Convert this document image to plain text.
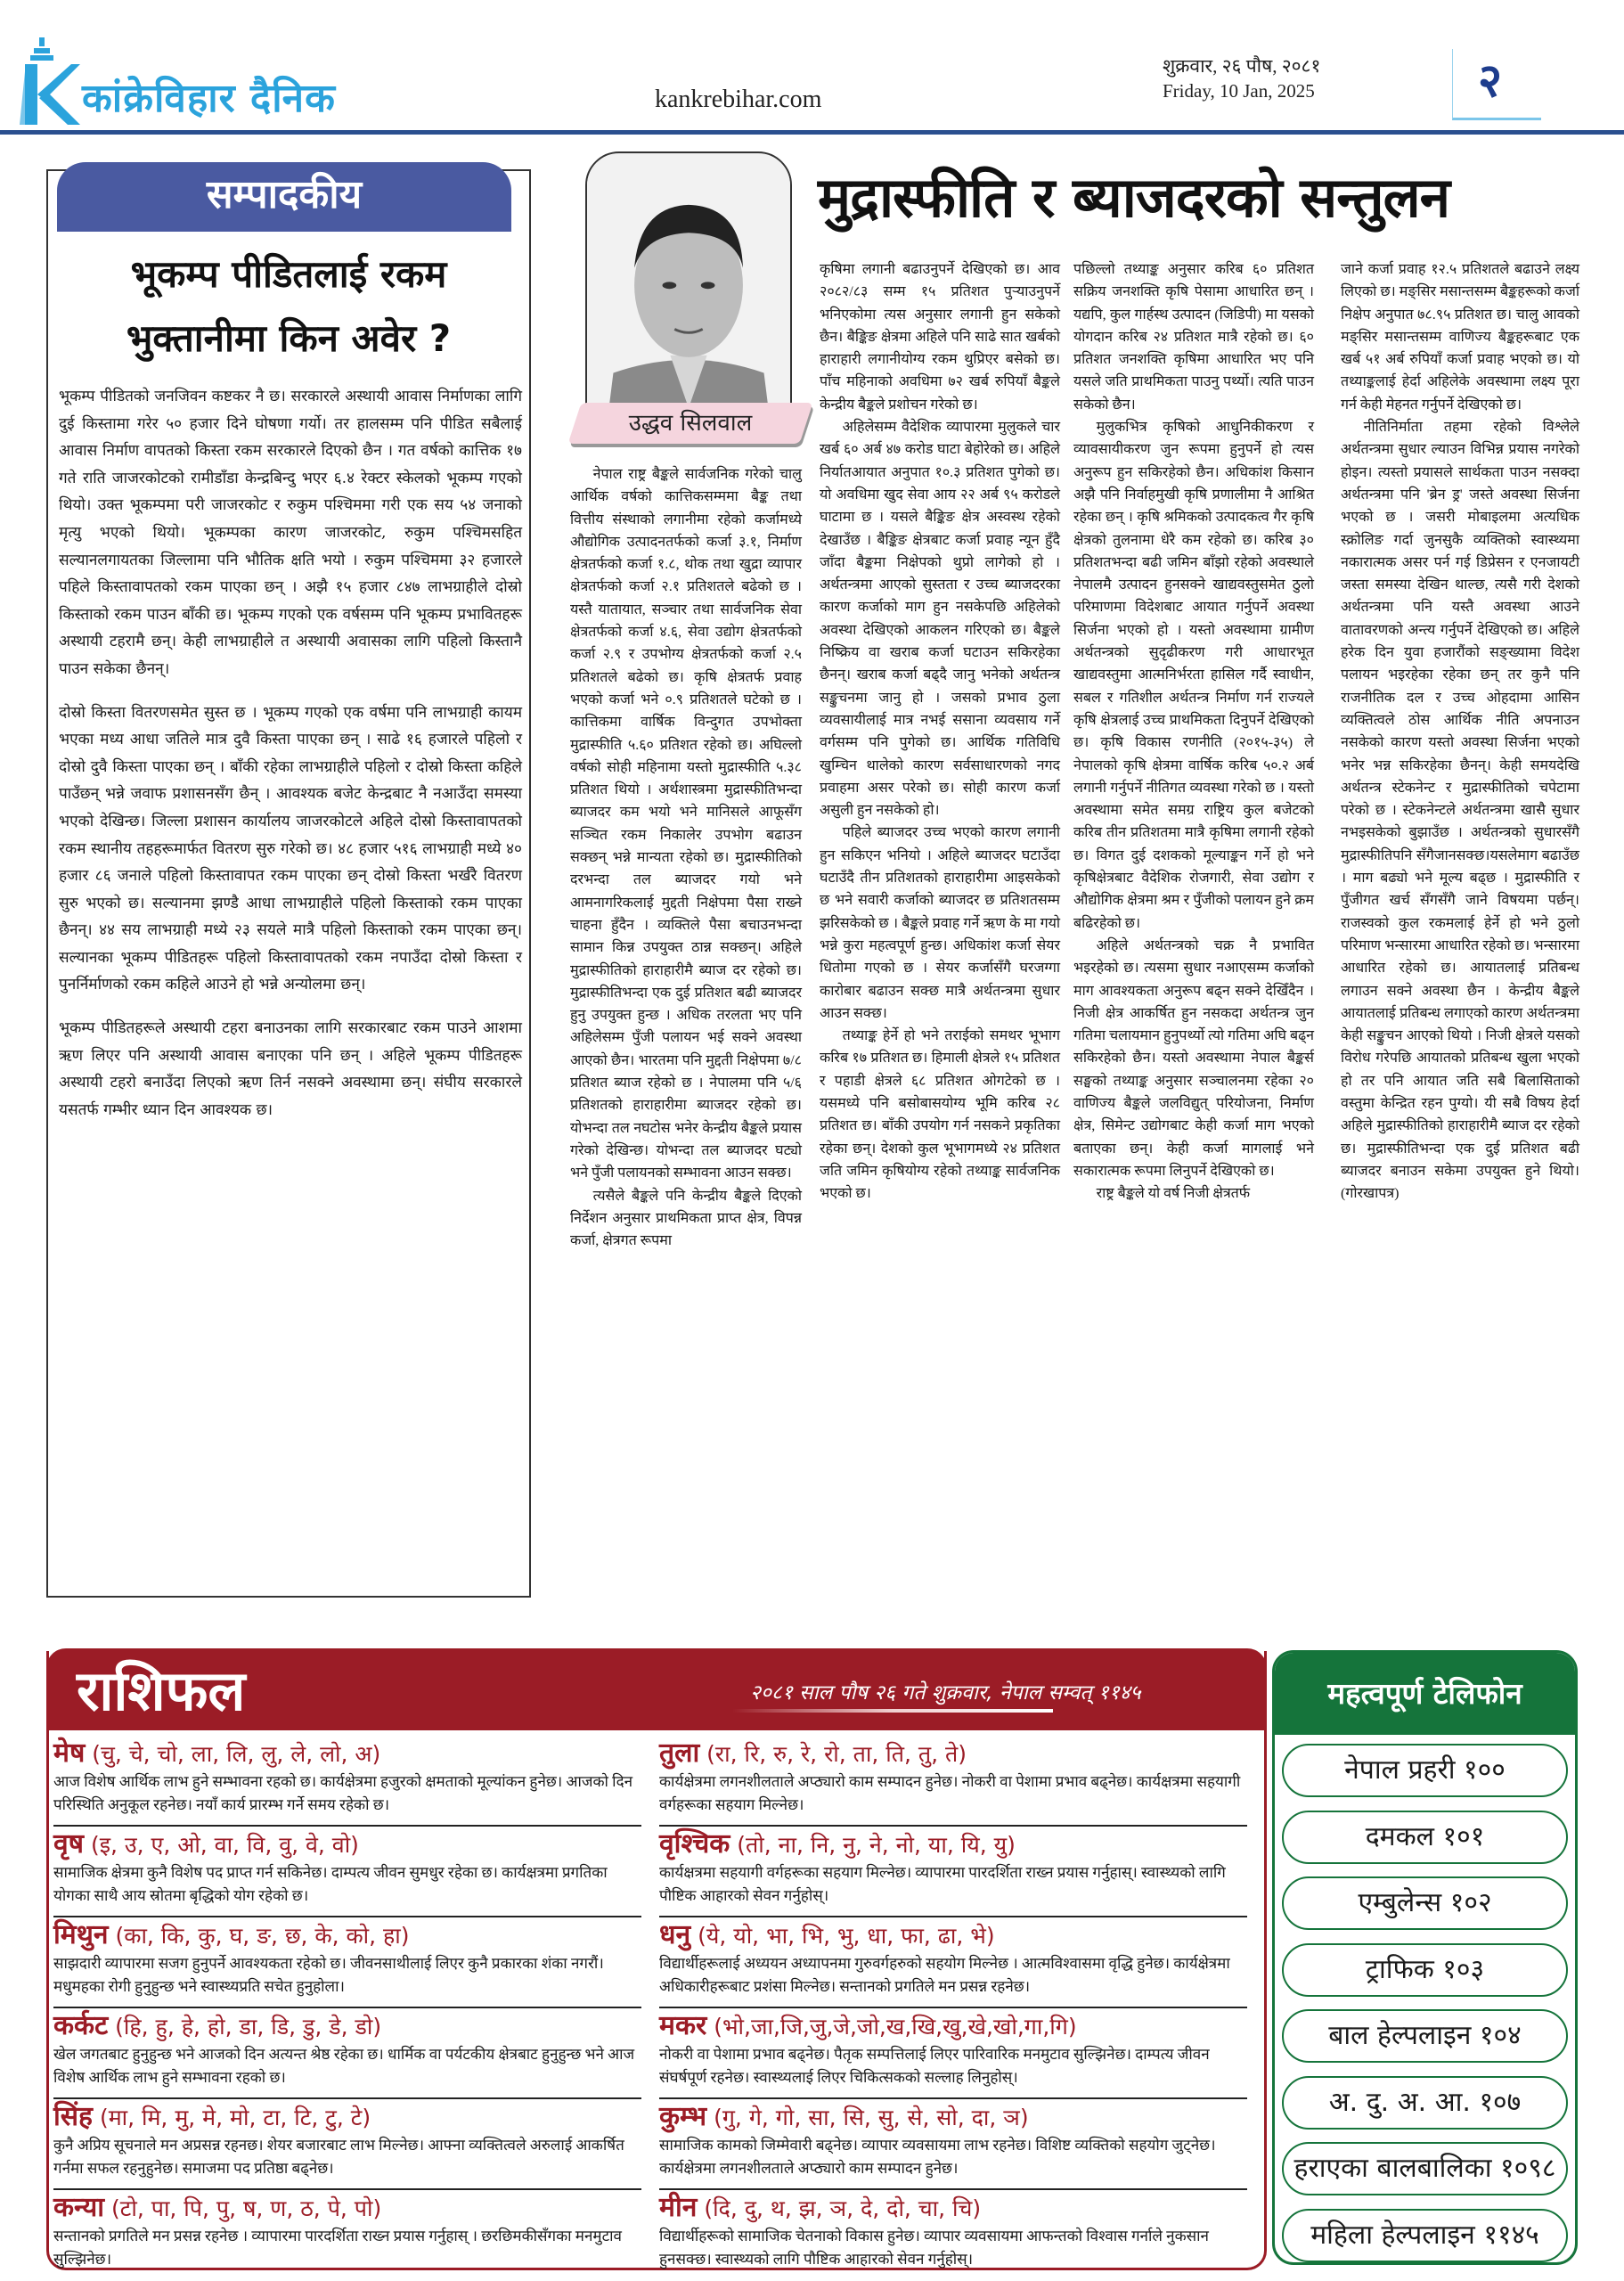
कांक्रेविहार दैनिक	kankrebihar.com
शुक्रवार, २६ पौष, २०८१
Friday, 10 Jan, 2025	२
सम्पादकीय
भूकम्प पीडितलाई रकम भुक्तानीमा किन अवेर ?

भूकम्प पीडितको जनजिवन कष्टकर नै छ। सरकारले अस्थायी आवास निर्माणका लागि दुई किस्तामा गरेर ५० हजार दिने घोषणा गर्यो। तर हालसम्म पनि पीडित सबैलाई आवास निर्माण वापतको किस्ता रकम सरकारले दिएको छैन । गत वर्षको कात्तिक १७ गते राति जाजरकोटको रामीडाँडा केन्द्रबिन्दु भएर ६.४ रेक्टर स्केलको भूकम्प गएको थियो। उक्त भूकम्पमा परी जाजरकोट र रुकुम पश्चिममा गरी एक सय ५४ जनाको मृत्यु भएको थियो। भूकम्पका कारण जाजरकोट, रुकुम पश्चिमसहित सल्यानलगायतका जिल्लामा पनि भौतिक क्षति भयो । रुकुम पश्चिममा ३२ हजारले पहिले किस्तावापतको रकम पाएका छन् । अझै १५ हजार ८४७ लाभग्राहीले दोस्रो किस्ताको रकम पाउन बाँकी छ। भूकम्प गएको एक वर्षसम्म पनि भूकम्प प्रभावितहरू अस्थायी टहरामै छन्। केही लाभग्राहीले त अस्थायी अवासका लागि पहिलो किस्तानै पाउन सकेका छैनन्।

दोस्रो किस्ता वितरणसमेत सुस्त छ । भूकम्प गएको एक वर्षमा पनि लाभग्राही कायम भएका मध्य आधा जतिले मात्र दुवै किस्ता पाएका छन् । साढे १६ हजारले पहिलो र दोस्रो दुवै किस्ता पाएका छन् । बाँकी रहेका लाभग्राहीले पहिलो र दोस्रो किस्ता कहिले पाउँछन् भन्ने जवाफ प्रशासनसँग छैन् । आवश्यक बजेट केन्द्रबाट नै नआउँदा समस्या भएको देखिन्छ। जिल्ला प्रशासन कार्यालय जाजरकोटले अहिले दोस्रो किस्तावापतको रकम स्थानीय तहहरूमार्फत वितरण सुरु गरेको छ। ४८ हजार ५१६ लाभग्राही मध्ये ४० हजार ८६ जनाले पहिलो किस्तावापत रकम पाएका छन् दोस्रो किस्ता भर्खरै वितरण सुरु भएको छ। सल्यानमा झण्डै आधा लाभग्राहीले पहिलो किस्ताको रकम पाएका छैनन्। ४४ सय लाभग्राही मध्ये २३ सयले मात्रै पहिलो किस्ताको रकम पाएका छन्। सल्यानका भूकम्प पीडितहरू पहिलो किस्तावापतको रकम नपाउँदा दोस्रो किस्ता र पुनर्निर्माणको रकम कहिले आउने हो भन्ने अन्योलमा छन्।

भूकम्प पीडितहरूले अस्थायी टहरा बनाउनका लागि सरकारबाट रकम पाउने आशमा ऋण लिएर पनि अस्थायी आवास बनाएका पनि छन् । अहिले भूकम्प पीडितहरू अस्थायी टहरो बनाउँदा लिएको ऋण तिर्न नसक्ने अवस्थामा छन्। संघीय सरकारले यसतर्फ गम्भीर ध्यान दिन आवश्यक छ।

उद्धव सिलवाल
मुद्रास्फीति र ब्याजदरको सन्तुलन

नेपाल राष्ट्र बैङ्कले सार्वजनिक गरेको चालु आर्थिक वर्षको कात्तिकसम्ममा बैङ्क तथा वित्तीय संस्थाको लगानीमा रहेको कर्जामध्ये औद्योगिक उत्पादनतर्फको कर्जा ३.१, निर्माण क्षेत्रतर्फको कर्जा १.८, थोक तथा खुद्रा व्यापार क्षेत्रतर्फको कर्जा २.१ प्रतिशतले बढेको छ । यस्तै यातायात, सञ्चार तथा सार्वजनिक सेवा क्षेत्रतर्फको कर्जा ४.६, सेवा उद्योग क्षेत्रतर्फको कर्जा २.९ र उपभोग्य क्षेत्रतर्फको कर्जा २.५ प्रतिशतले बढेको छ। कृषि क्षेत्रतर्फ प्रवाह भएको कर्जा भने ०.९ प्रतिशतले घटेको छ । कात्तिकमा वार्षिक विन्दुगत उपभोक्ता मुद्रास्फीति ५.६० प्रतिशत रहेको छ। अघिल्लो वर्षको सोही महिनामा यस्तो मुद्रास्फीति ५.३८ प्रतिशत थियो । अर्थशास्त्रमा मुद्रास्फीतिभन्दा ब्याजदर कम भयो भने मानिसले आफूसँग सञ्चित रकम निकालेर उपभोग बढाउन सक्छन् भन्ने मान्यता रहेको छ। मुद्रास्फीतिको दरभन्दा तल ब्याजदर गयो भने आमनागरिकलाई मुद्दती निक्षेपमा पैसा राख्ने चाहना हुँदैन । व्यक्तिले पैसा बचाउनभन्दा सामान किन्न उपयुक्त ठान्न सक्छन्। अहिले मुद्रास्फीतिको हाराहारीमै ब्याज दर रहेको छ। मुद्रास्फीतिभन्दा एक दुई प्रतिशत बढी ब्याजदर हुनु उपयुक्त हुन्छ । अधिक तरलता भए पनि अहिलेसम्म पुँजी पलायन भई सक्ने अवस्था आएको छैन। भारतमा पनि मुद्दती निक्षेपमा ७/८ प्रतिशत ब्याज रहेको छ । नेपालमा पनि ५/६ प्रतिशतको हाराहारीमा ब्याजदर रहेको छ। योभन्दा तल नघटोस भनेर केन्द्रीय बैङ्कले प्रयास गरेको देखिन्छ। योभन्दा तल ब्याजदर घट्यो भने पुँजी पलायनको सम्भावना आउन सक्छ।

त्यसैले बैङ्कले पनि केन्द्रीय बैङ्कले दिएको निर्देशन अनुसार प्राथमिकता प्राप्त क्षेत्र, विपन्न कर्जा, क्षेत्रगत रूपमा

कृषिमा लगानी बढाउनुपर्ने देखिएको छ। आव २०८२/८३ सम्म १५ प्रतिशत पुऱ्याउनुपर्ने भनिएकोमा त्यस अनुसार लगानी हुन सकेको छैन। बैङ्किङ क्षेत्रमा अहिले पनि साढे सात खर्बको हाराहारी लगानीयोग्य रकम थुप्रिएर बसेको छ। पाँच महिनाको अवधिमा ७२ खर्ब रुपियाँ बैङ्कले केन्द्रीय बैङ्कले प्रशोचन गरेको छ।

अहिलेसम्म वैदेशिक व्यापारमा मुलुकले चार खर्ब ६० अर्ब ४७ करोड घाटा बेहोरेको छ। अहिले निर्यातआयात अनुपात १०.३ प्रतिशत पुगेको छ। यो अवधिमा खुद सेवा आय २२ अर्ब ९५ करोडले घाटामा छ । यसले बैङ्किङ क्षेत्र अस्वस्थ रहेको देखाउँछ । बैङ्किङ क्षेत्रबाट कर्जा प्रवाह न्यून हुँदै जाँदा बैङ्कमा निक्षेपको थुप्रो लागेको हो । अर्थतन्त्रमा आएको सुस्तता र उच्च ब्याजदरका कारण कर्जाको माग हुन नसकेपछि अहिलेको अवस्था देखिएको आकलन गरिएको छ। बैङ्कले निष्क्रिय वा खराब कर्जा घटाउन सकिरहेका छैनन्। खराब कर्जा बढ्दै जानु भनेको अर्थतन्त्र सङ्कुचनमा जानु हो । जसको प्रभाव ठुला व्यवसायीलाई मात्र नभई ससाना व्यवसाय गर्ने वर्गसम्म पनि पुगेको छ। आर्थिक गतिविधि खुम्चिन थालेको कारण सर्वसाधारणको नगद प्रवाहमा असर परेको छ। सोही कारण कर्जा असुली हुन नसकेको हो।

पहिले ब्याजदर उच्च भएको कारण लगानी हुन सकिएन भनियो । अहिले ब्याजदर घटाउँदा घटाउँदै तीन प्रतिशतको हाराहारीमा आइसकेको छ भने सवारी कर्जाको ब्याजदर छ प्रतिशतसम्म झरिसकेको छ । बैङ्कले प्रवाह गर्ने ऋण के मा गयो भन्ने कुरा महत्वपूर्ण हुन्छ। अधिकांश कर्जा सेयर धितोमा गएको छ । सेयर कर्जासँगै घरजग्गा कारोबार बढाउन सक्छ मात्रै अर्थतन्त्रमा सुधार आउन सक्छ।

तथ्याङ्क हेर्ने हो भने तराईको समथर भूभाग करिब १७ प्रतिशत छ। हिमाली क्षेत्रले १५ प्रतिशत र पहाडी क्षेत्रले ६८ प्रतिशत ओगटेको छ । यसमध्ये पनि बसोबासयोग्य भूमि करिब २८ प्रतिशत छ। बाँकी उपयोग गर्न नसकने प्रकृतिका रहेका छन्। देशको कुल भूभागमध्ये २४ प्रतिशत जति जमिन कृषियोग्य रहेको तथ्याङ्क सार्वजनिक भएको छ।

पछिल्लो तथ्याङ्क अनुसार करिब ६० प्रतिशत सक्रिय जनशक्ति कृषि पेसामा आधारित छन् । यद्यपि, कुल गार्हस्थ उत्पादन (जिडिपी) मा यसको योगदान करिब २४ प्रतिशत मात्रै रहेको छ। ६० प्रतिशत जनशक्ति कृषिमा आधारित भए पनि यसले जति प्राथमिकता पाउनु पर्थ्यो। त्यति पाउन सकेको छैन।

मुलुकभित्र कृषिको आधुनिकीकरण र व्यावसायीकरण जुन रूपमा हुनुपर्ने हो त्यस अनुरूप हुन सकिरहेको छैन। अधिकांश किसान अझै पनि निर्वाहमुखी कृषि प्रणालीमा नै आश्रित रहेका छन् । कृषि श्रमिकको उत्पादकत्व गैर कृषि क्षेत्रको तुलनामा धेरै कम रहेको छ। करिब ३० प्रतिशतभन्दा बढी जमिन बाँझो रहेको अवस्थाले नेपालमै उत्पादन हुनसक्ने खाद्यवस्तुसमेत ठुलो परिमाणमा विदेशबाट आयात गर्नुपर्ने अवस्था सिर्जना भएको हो । यस्तो अवस्थामा ग्रामीण अर्थतन्त्रको सुदृढीकरण गरी आधारभूत खाद्यवस्तुमा आत्मनिर्भरता हासिल गर्दै स्वाधीन, सबल र गतिशील अर्थतन्त्र निर्माण गर्न राज्यले कृषि क्षेत्रलाई उच्च प्राथमिकता दिनुपर्ने देखिएको छ। कृषि विकास रणनीति (२०१५-३५) ले नेपालको कृषि क्षेत्रमा वार्षिक करिब ५०.२ अर्ब लगानी गर्नुपर्ने नीतिगत व्यवस्था गरेको छ । यस्तो अवस्थामा समेत समग्र राष्ट्रिय कुल बजेटको करिब तीन प्रतिशतमा मात्रै कृषिमा लगानी रहेको छ। विगत दुई दशकको मूल्याङ्कन गर्ने हो भने कृषिक्षेत्रबाट वैदेशिक रोजगारी, सेवा उद्योग र औद्योगिक क्षेत्रमा श्रम र पुँजीको पलायन हुने क्रम बढिरहेको छ।

अहिले अर्थतन्त्रको चक्र नै प्रभावित भइरहेको छ। त्यसमा सुधार नआएसम्म कर्जाको माग आवश्यकता अनुरूप बढ्न सक्ने देखिँदैन । निजी क्षेत्र आकर्षित हुन नसकदा अर्थतन्त्र जुन गतिमा चलायमान हुनुपर्थ्यो त्यो गतिमा अघि बढ्न सकिरहेको छैन। यस्तो अवस्थामा नेपाल बैङ्कर्स सङ्घको तथ्याङ्क अनुसार सञ्चालनमा रहेका २० वाणिज्य बैङ्कले जलविद्युत् परियोजना, निर्माण क्षेत्र, सिमेन्ट उद्योगबाट केही कर्जा माग भएको बताएका छन्। केही कर्जा मागलाई भने सकारात्मक रूपमा लिनुपर्ने देखिएको छ।

राष्ट्र बैङ्कले यो वर्ष निजी क्षेत्रतर्फ

जाने कर्जा प्रवाह १२.५ प्रतिशतले बढाउने लक्ष्य लिएको छ। मङ्सिर मसान्तसम्म बैङ्कहरूको कर्जा निक्षेप अनुपात ७८.९५ प्रतिशत छ। चालु आवको मङ्सिर मसान्तसम्म वाणिज्य बैङ्कहरूबाट एक खर्ब ५१ अर्ब रुपियाँ कर्जा प्रवाह भएको छ। यो तथ्याङ्कलाई हेर्दा अहिलेके अवस्थामा लक्ष्य पूरा गर्न केही मेहनत गर्नुपर्ने देखिएको छ।

नीतिनिर्माता तहमा रहेको विश्लेले अर्थतन्त्रमा सुधार ल्याउन विभिन्न प्रयास नगरेको होइन। त्यस्तो प्रयासले सार्थकता पाउन नसक्दा अर्थतन्त्रमा पनि 'ब्रेन ड्र' जस्ते अवस्था सिर्जना भएको छ । जसरी मोबाइलमा अत्यधिक स्क्रोलिङ गर्दा जुनसुकै व्यक्तिको स्वास्थ्यमा नकारात्मक असर पर्न गई डिप्रेसन र एनजायटी जस्ता समस्या देखिन थाल्छ, त्यसै गरी देशको अर्थतन्त्रमा पनि यस्तै अवस्था आउने वातावरणको अन्त्य गर्नुपर्ने देखिएको छ। अहिले हरेक दिन युवा हजारौंको सङ्ख्यामा विदेश पलायन भइरहेका रहेका छन् तर कुनै पनि राजनीतिक दल र उच्च ओहदामा आसिन व्यक्तित्वले ठोस आर्थिक नीति अपनाउन नसकेको कारण यस्तो अवस्था सिर्जना भएको भनेर भन्न सकिरहेका छैनन्। केही समयदेखि अर्थतन्त्र स्टेकनेन्ट र मुद्रास्फीतिको चपेटामा परेको छ । स्टेकनेन्टले अर्थतन्त्रमा खासै सुधार नभइसकेको बुझाउँछ । अर्थतन्त्रको सुधारसँगै मुद्रास्फीतिपनि सँगैजानसक्छ।यसलेमाग बढाउँछ । माग बढ्यो भने मूल्य बढ्छ । मुद्रास्फीति र पुँजीगत खर्च सँगसँगै जाने विषयमा पर्छन्। राजस्वको कुल रकमलाई हेर्ने हो भने ठुलो परिमाण भन्सारमा आधारित रहेको छ। भन्सारमा आधारित रहेको छ। आयातलाई प्रतिबन्ध लगाउन सक्ने अवस्था छैन । केन्द्रीय बैङ्कले आयातलाई प्रतिबन्ध लगाएको कारण अर्थतन्त्रमा केही सङ्कुचन आएको थियो । निजी क्षेत्रले यसको विरोध गरेपछि आयातको प्रतिबन्ध खुला भएको हो तर पनि आयात जति सबै बिलासिताको वस्तुमा केन्द्रित रहन पुग्यो। यी सबै विषय हेर्दा अहिले मुद्रास्फीतिको हाराहारीमै ब्याज दर रहेको छ। मुद्रास्फीतिभन्दा एक दुई प्रतिशत बढी ब्याजदर बनाउन सकेमा उपयुक्त हुने थियो। (गोरखापत्र)

राशिफल	२०८१ साल पौष २६ गते शुक्रवार, नेपाल सम्वत् ११४५
मेष (चु, चे, चो, ला, लि, लु, ले, लो, अ)
आज विशेष आर्थिक लाभ हुने सम्भावना रहको छ। कार्यक्षेत्रमा हजुरको क्षमताको मूल्यांकन हुनेछ। आजको दिन परिस्थिति अनुकूल रहनेछ। नयाँ कार्य प्रारम्भ गर्ने समय रहेको छ।
वृष (इ, उ, ए, ओ, वा, वि, वु, वे, वो)
सामाजिक क्षेत्रमा कुनै विशेष पद प्राप्त गर्न सकिनेछ। दाम्पत्य जीवन सुमधुर रहेका छ। कार्यक्षत्रमा प्रगतिका योगका साथै आय स्रोतमा बृद्धिको योग रहेको छ।
मिथुन (का, कि, कु, घ, ङ, छ, के, को, हा)
साझदारी व्यापारमा सजग हुनुपर्ने आवश्यकता रहेको छ। जीवनसाथीलाई लिएर कुनै प्रकारका शंका नगरौं। मधुमहका रोगी हुनुहुन्छ भने स्वास्थ्यप्रति सचेत हुनुहोला।
कर्कट (हि, हु, हे, हो, डा, डि, डु, डे, डो)
खेल जगतबाट हुनुहुन्छ भने आजको दिन अत्यन्त श्रेष्ठ रहेका छ। धार्मिक वा पर्यटकीय क्षेत्रबाट हुनुहुन्छ भने आज विशेष आर्थिक लाभ हुने सम्भावना रहको छ।
सिंह (मा, मि, मु, मे, मो, टा, टि, टु, टे)
कुनै अप्रिय सूचनाले मन अप्रसन्न रहनछ। शेयर बजारबाट लाभ मिल्नेछ। आफ्ना व्यक्तित्वले अरुलाई आकर्षित गर्नमा सफल रहनुहुनेछ। समाजमा पद प्रतिष्ठा बढ्नेछ।
कन्या (टो, पा, पि, पु, ष, ण, ठ, पे, पो)
सन्तानको प्रगतिले मन प्रसन्न रहनेछ । व्यापारमा पारदर्शिता राख्न प्रयास गर्नुहास् । छरछिमकीसँगका मनमुटाव सुल्झिनेछ।
तुला (रा, रि, रु, रे, रो, ता, ति, तु, ते)
कार्यक्षेत्रमा लगनशीलताले अप्ठ्यारो काम सम्पादन हुनेछ। नोकरी वा पेशामा प्रभाव बढ्नेछ। कार्यक्षत्रमा सहयागी वर्गहरूका सहयाग मिल्नेछ।
वृश्चिक (तो, ना, नि, नु, ने, नो, या, यि, यु)
कार्यक्षत्रमा सहयागी वर्गहरूका सहयाग मिल्नेछ। व्यापारमा पारदर्शिता राख्न प्रयास गर्नुहास्। स्वास्थ्यको लागि पौष्टिक आहारको सेवन गर्नुहोस्।
धनु (ये, यो, भा, भि, भु, धा, फा, ढा, भे)
विद्यार्थीहरूलाई अध्ययन अध्यापनमा गुरुवर्गहरुको सहयोग मिल्नेछ । आत्मविश्वासमा वृद्धि हुनेछ। कार्यक्षेत्रमा अधिकारीहरूबाट प्रशंसा मिल्नेछ। सन्तानको प्रगतिले मन प्रसन्न रहनेछ।
मकर (भो,जा,जि,जु,जे,जो,ख,खि,खु,खे,खो,गा,गि)
नोकरी वा पेशामा प्रभाव बढ्नेछ। पैतृक सम्पत्तिलाई लिएर पारिवारिक मनमुटाव सुल्झिनेछ। दाम्पत्य जीवन संघर्षपूर्ण रहनेछ। स्वास्थ्यलाई लिएर चिकित्सकको सल्लाह लिनुहोस्।
कुम्भ (गु, गे, गो, सा, सि, सु, से, सो, दा, ञ)
सामाजिक कामको जिम्मेवारी बढ्नेछ। व्यापार व्यवसायमा लाभ रहनेछ। विशिष्ट व्यक्तिको सहयोग जुट्नेछ। कार्यक्षेत्रमा लगनशीलताले अप्ठ्यारो काम सम्पादन हुनेछ।
मीन (दि, दु, थ, झ, ञ, दे, दो, चा, चि)
विद्यार्थीहरूको सामाजिक चेतनाको विकास हुनेछ। व्यापार व्यवसायमा आफन्तको विश्वास गर्नाले नुकसान हुनसक्छ। स्वास्थ्यको लागि पौष्टिक आहारको सेवन गर्नुहोस्।
महत्वपूर्ण टेलिफोन
नेपाल प्रहरी १००
दमकल १०१
एम्बुलेन्स १०२
ट्राफिक १०३
बाल हेल्पलाइन १०४
अ. दु. अ. आ. १०७
हराएका बालबालिका १०९८
महिला हेल्पलाइन ११४५
